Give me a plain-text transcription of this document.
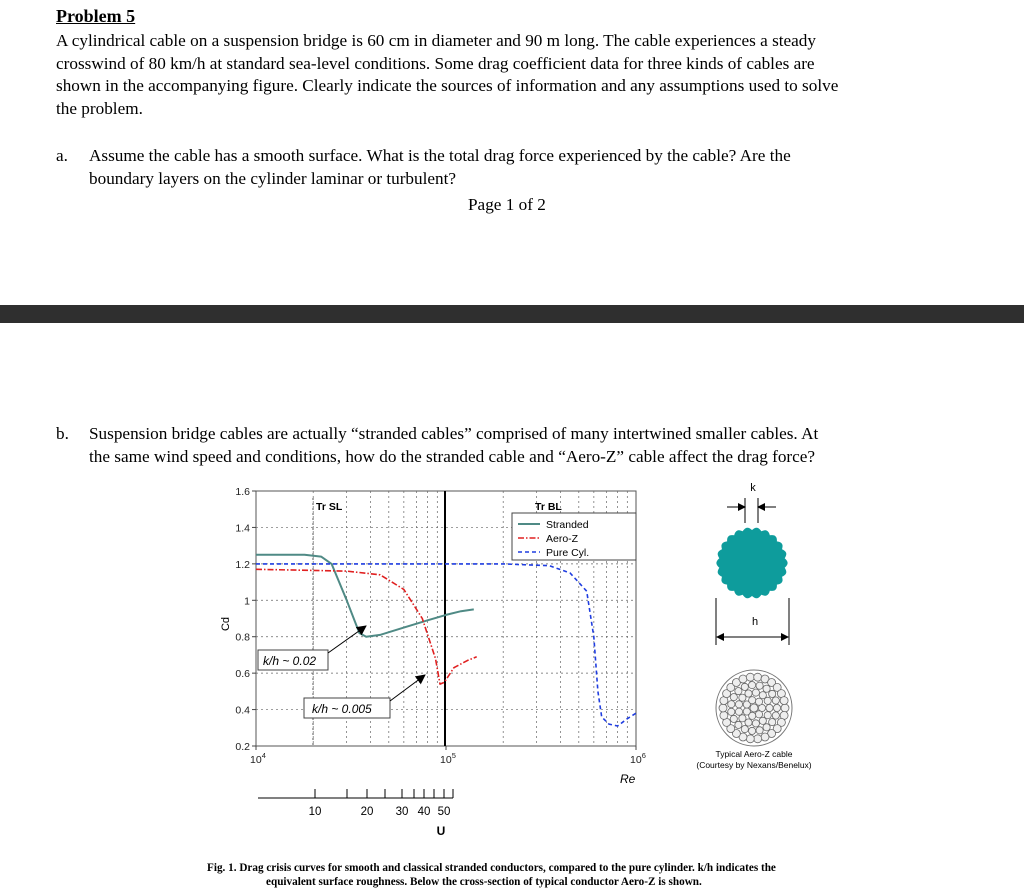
Problem 5
A cylindrical cable on a suspension bridge is 60 cm in diameter and 90 m long. The cable experiences a steady
crosswind of 80 km/h at standard sea-level conditions. Some drag coefficient data for three kinds of cables are
shown in the accompanying figure. Clearly indicate the sources of information and any assumptions used to solve
the problem.
a. Assume the cable has a smooth surface. What is the total drag force experienced by the cable? Are the
boundary layers on the cylinder laminar or turbulent?
Page 1 of 2
b. Suspension bridge cables are actually “stranded cables” comprised of many intertwined smaller cables. At
the same wind speed and conditions, how do the stranded cable and “Aero-Z” cable affect the drag force?
0.2
0.4
0.6
0.8
1
1.2
1.4
1.6
$10^4$	$10^5$	$10^6$
Tr SL	Tr BL
Stranded
Aero-Z
Pure Cyl.
k/h ~ 0.02
k/h ~ 0.005
Cd
Re
10	20 30 40 50
U
k
h
Typical Aero-Z cable
(Courtesy by Nexans/Benelux)
Fig. 1. Drag crisis curves for smooth and classical stranded conductors, compared to the pure cylinder. k/h indicates the
equivalent surface roughness. Below the cross-section of typical conductor Aero-Z is shown.
